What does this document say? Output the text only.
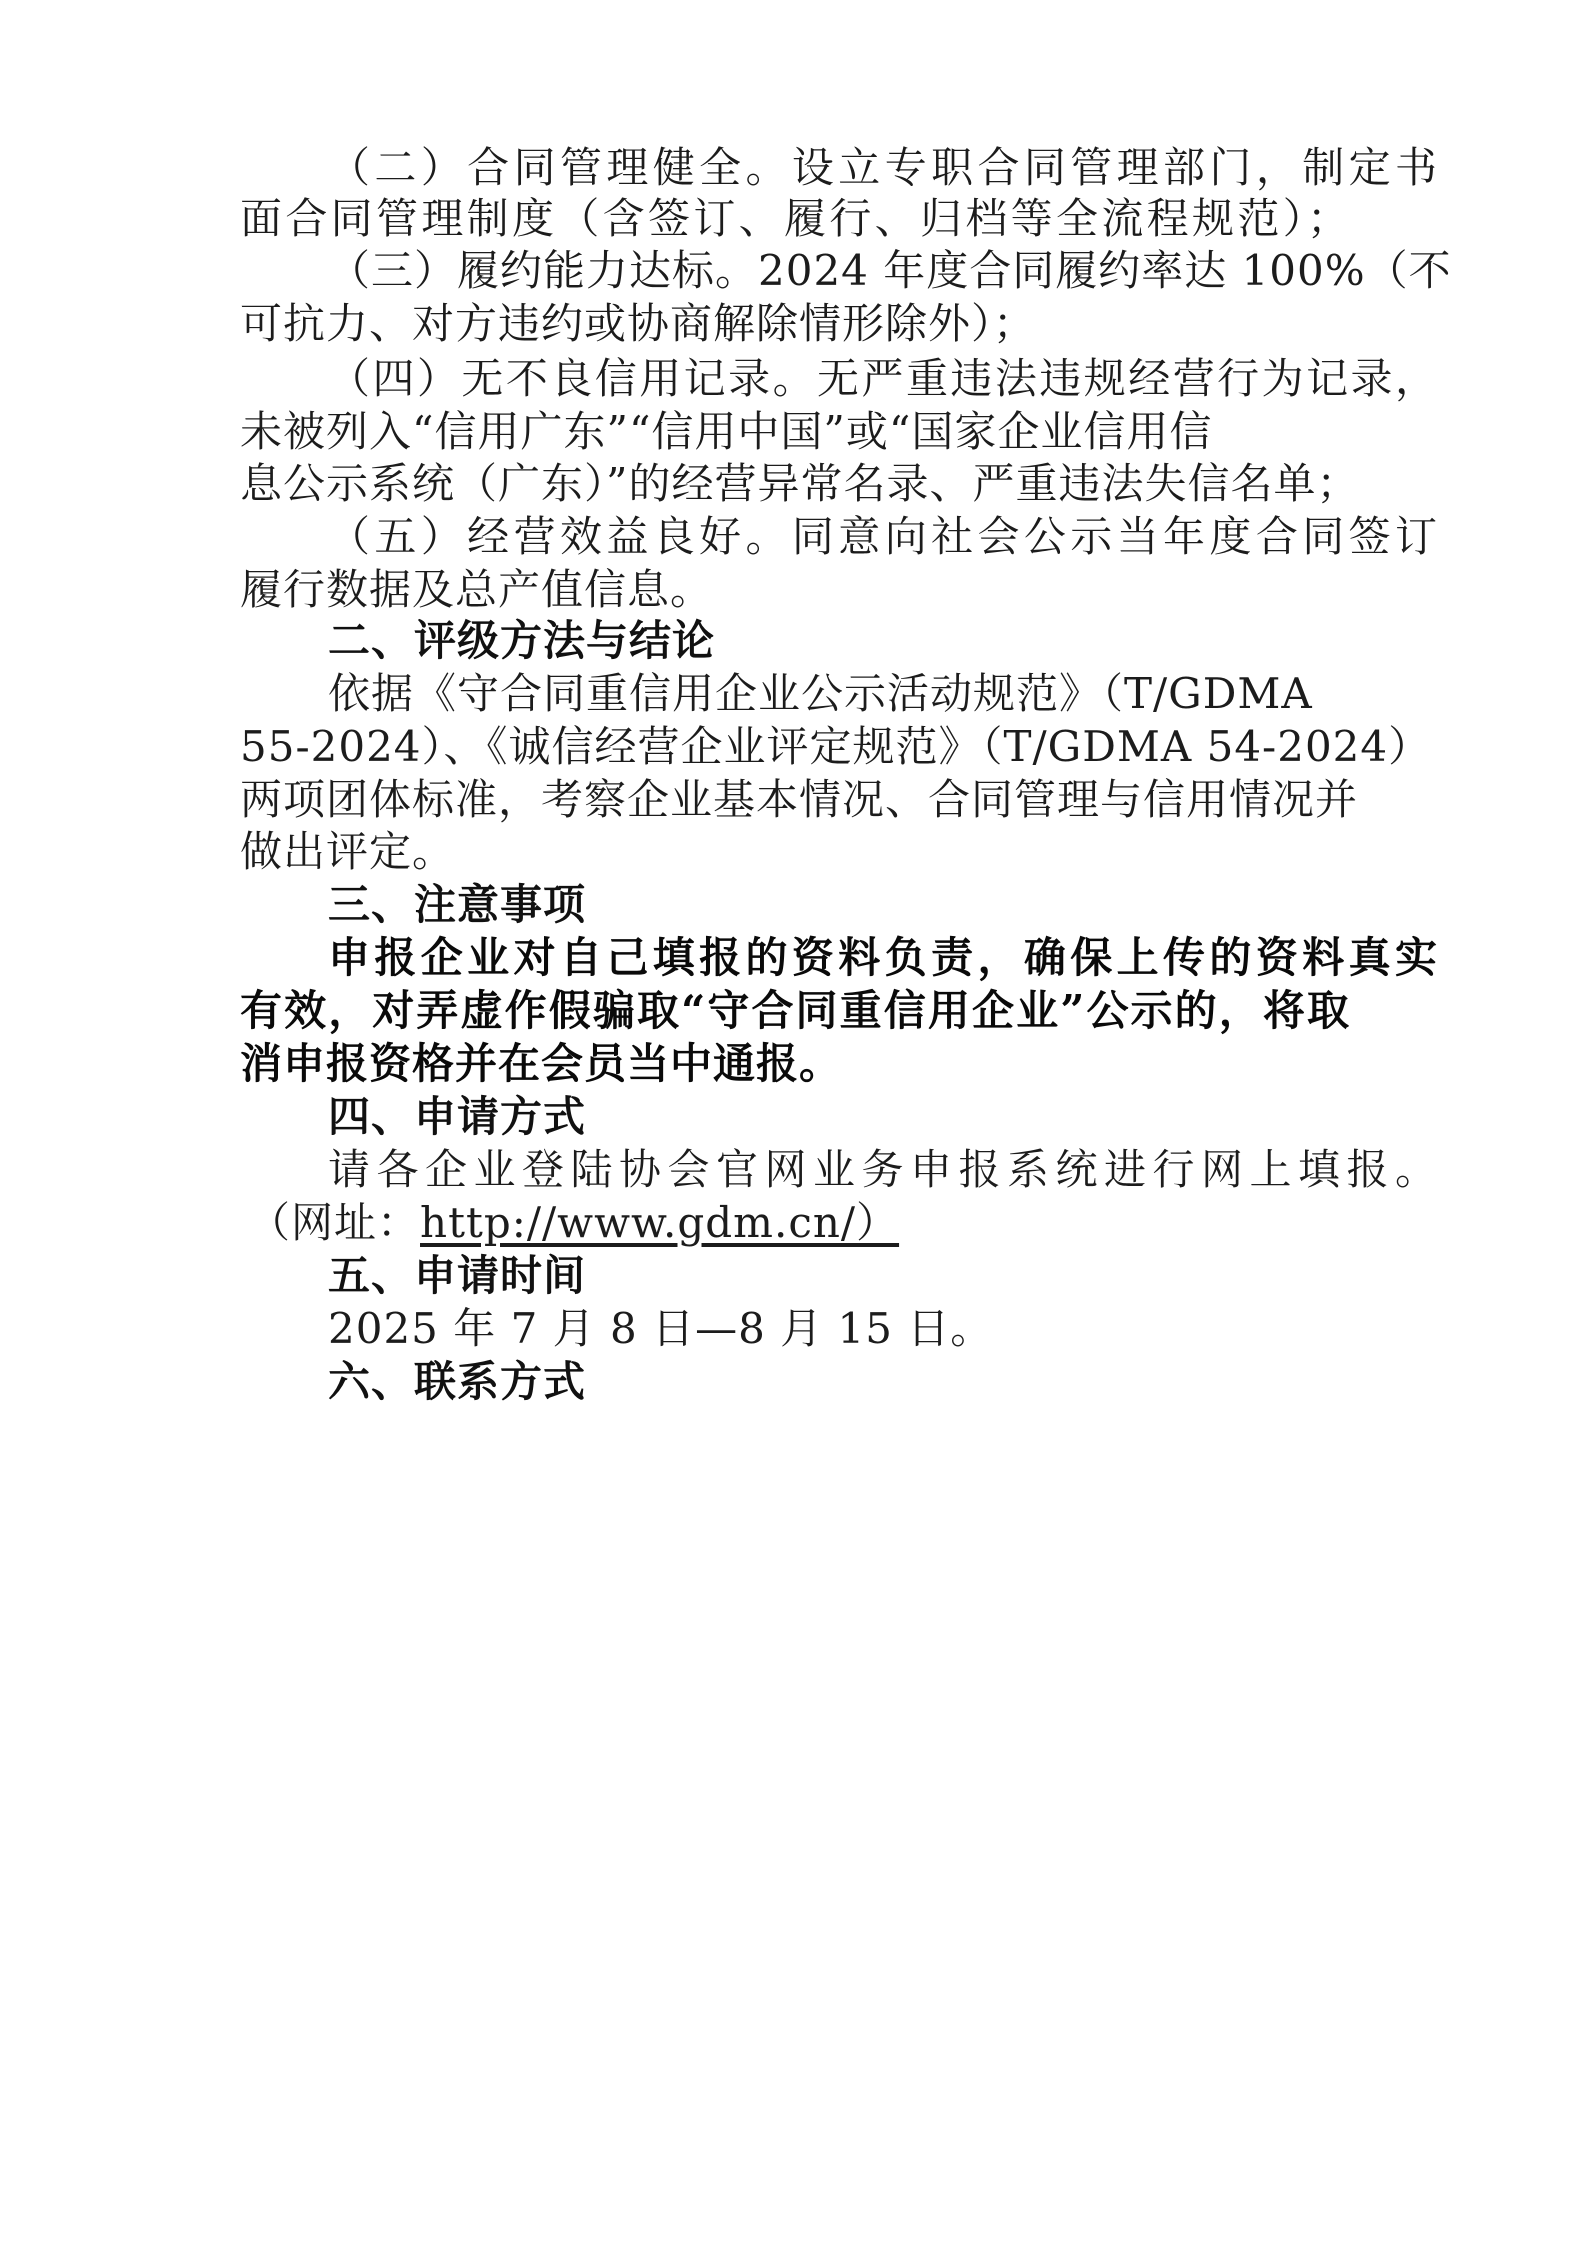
（二）合同管理健全。设立专职合同管理部门，制定书
面合同管理制度（含签订、履行、归档等全流程规范）；
（三）履约能力达标。2024 年度合同履约率达 100%（不
可抗力、对方违约或协商解除情形除外）；
（四）无不良信用记录。无严重违法违规经营行为记录，
未被列入“信用广东”“信用中国”或“国家企业信用信
息公示系统（广东）”的经营异常名录、严重违法失信名单；
（五）经营效益良好。同意向社会公示当年度合同签订
履行数据及总产值信息。
二、评级方法与结论
依据《守合同重信用企业公示活动规范》（T/GDMA
55-2024）、《诚信经营企业评定规范》（T/GDMA 54-2024）
两项团体标准，考察企业基本情况、合同管理与信用情况并
做出评定。
三、注意事项
申报企业对自己填报的资料负责，确保上传的资料真实
有效，对弄虚作假骗取“守合同重信用企业”公示的，将取
消申报资格并在会员当中通报。
四、申请方式
请各企业登陆协会官网业务申报系统进行网上填报。
（网址：http://www.gdm.cn/）
五、申请时间
2025 年 7 月 8 日—8 月 15 日。
六、联系方式
